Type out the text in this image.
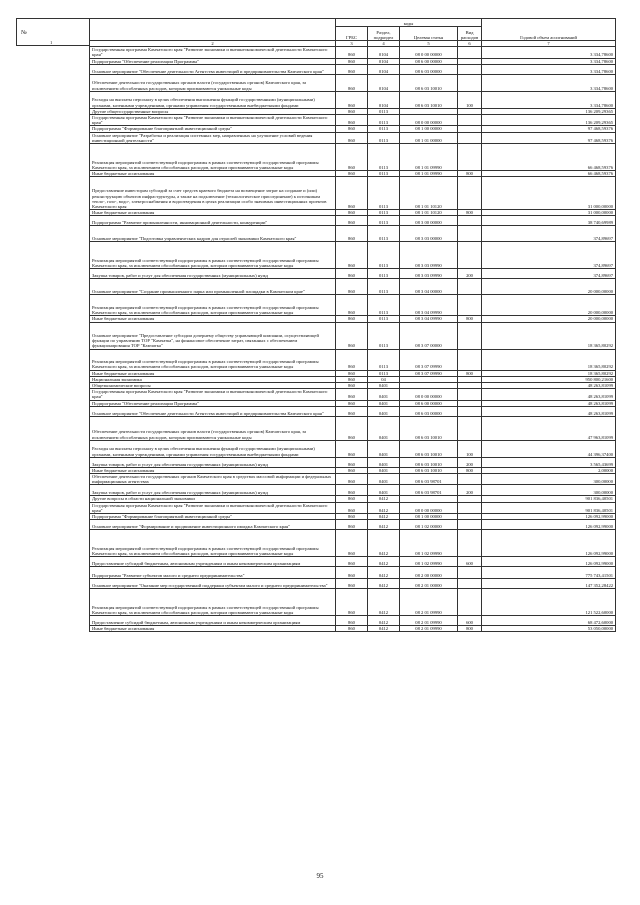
№
1
	коды				Годовой объем ассигнований
	ГРБС	Раздел, подраздел	Целевая статья	Вид расходов	
2	3	4	5	6	7
Государственная программа Камчатского края "Развитие экономики и внешнеэкономической деятельности Камчатского края"	860	0104	08 0 00 00000		3 334,78600
Подпрограмма "Обеспечение реализации Программы"	860	0104	08 6 00 00000		3 334,78600
Основное мероприятие "Обеспечение деятельности Агентства инвестиций и предпринимательства Камчатского края"	860	0104	08 6 03 00000		3 334,78600
Обеспечение деятельности государственных органов власти (государственных органов) Камчатского края, за исключением обособленных расходов, которым присваиваются уникальные коды	860	0104	08 6 03 10010		3 334,78600
Расходы на выплаты персоналу в целях обеспечения выполнения функций государственными (муниципальными) органами, казенными учреждениями, органами управления государственными внебюджетными фондами	860	0104	08 6 03 10010	100	3 334,78600
Другие общегосударственные вопросы	860	0113			136 209,29365
Государственная программа Камчатского края "Развитие экономики и внешнеэкономической деятельности Камчатского края"	860	0113	08 0 00 00000		136 209,29365
Подпрограмма "Формирование благоприятной инвестиционной среды"	860	0113	08 1 00 00000		97 468,59376
Основное мероприятие "Разработка и реализация системных мер, направленных на улучшение условий ведения инвестиционной деятельности"	860	0113	08 1 01 00000		97 468,59376
Реализация мероприятий соответствующей подпрограммы в рамках соответствующей государственной программы Камчатского края, за исключением обособленных расходов, которым присваиваются уникальные коды	860	0113	08 1 01 09990		66 468,59376
Иные бюджетные ассигнования	860	0113	08 1 01 09990	800	66 468,59376
Предоставление инвесторам субсидий за счет средств краевого бюджета на возмещение затрат на создание и (или) реконструкцию объектов инфраструктуры, а также на подключение (технологическое присоединение) к источникам тепло-, газо-, водо-, электроснабжения и водоотведения в целях реализации особо значимых инвестиционных проектов Камчатского края	860	0113	08 1 01 10120		31 000,00000
Иные бюджетные ассигнования	860	0113	08 1 01 10120	800	31 000,00000
Подпрограмма "Развитие промышленности, инновационной деятельности, конкуренции"	860	0113	08 3 00 00000		38 740,69989
Основное мероприятие "Подготовка управленческих кадров для отраслей экономики Камчатского края"	860	0113	08 3 03 00000		374,89697
Реализация мероприятий соответствующей подпрограммы в рамках соответствующей государственной программы Камчатского края, за исключением обособленных расходов, которым присваиваются уникальные коды	860	0113	08 3 03 09990		374,89697
Закупка товаров, работ и услуг для обеспечения государственных (муниципальных) нужд	860	0113	08 3 03 09990	200	374,89697
Основное мероприятие "Создание промышленного парка или промышленной площадки в Камчатском крае"	860	0113	08 3 04 00000		20 000,00000
Реализация мероприятий соответствующей подпрограммы в рамках соответствующей государственной программы Камчатского края, за исключением обособленных расходов, которым присваиваются уникальные коды	860	0113	08 3 04 09990		20 000,00000
Иные бюджетные ассигнования	860	0113	08 3 04 09990	800	20 000,00000
Основное мероприятие "Предоставление субсидии дочернему обществу управляющей компании, осуществляющей функции по управлению ТОР "Камчатка", на финансовое обеспечение затрат, связанных с обеспечением функционирования ТОР "Камчатка"	860	0113	08 3 07 00000		18 365,80292
Реализация мероприятий соответствующей подпрограммы в рамках соответствующей государственной программы Камчатского края, за исключением обособленных расходов, которым присваиваются уникальные коды	860	0113	08 3 07 09990		18 365,80292
Иные бюджетные ассигнования	860	0113	08 3 07 09990	800	18 365,80292
Национальная экономика	860	04			950 800,21600
Общеэкономические вопросы	860	0401			48 263,81099
Государственная программа Камчатского края "Развитие экономики и внешнеэкономической деятельности Камчатского края"	860	0401	08 0 00 00000		48 263,81099
Подпрограмма "Обеспечение реализации Программы"	860	0401	08 6 00 00000		48 263,81099
Основное мероприятие "Обеспечение деятельности Агентства инвестиций и предпринимательства Камчатского края"	860	0401	08 6 03 00000		48 263,81099
Обеспечение деятельности государственных органов власти (государственных органов) Камчатского края, за исключением обособленных расходов, которым присваиваются уникальные коды	860	0401	08 6 03 10010		47 963,81099
Расходы на выплаты персоналу в целях обеспечения выполнения функций государственными (муниципальными) органами, казенными учреждениями, органами управления государственными внебюджетными фондами	860	0401	08 6 03 10010	100	44 396,37400
Закупка товаров, работ и услуг для обеспечения государственных (муниципальных) нужд	860	0401	08 6 03 10010	200	3 565,43699
Иные бюджетные ассигнования	860	0401	08 6 03 10010	800	2,00000
Обеспечение деятельности государственных органов Камчатского края в средствах массовой информации и федеральных информационных агентствах	860	0401	08 6 03 98701		300,00000
Закупка товаров, работ и услуг для обеспечения государственных (муниципальных) нужд	860	0401	08 6 03 98701	200	300,00000
Другие вопросы в области национальной экономики	860	0412			901 836,40501
Государственная программа Камчатского края "Развитие экономики и внешнеэкономической деятельности Камчатского края"	860	0412	08 0 00 00000		901 836,40501
Подпрограмма "Формирование благоприятной инвестиционной среды"	860	0412	08 1 00 00000		126 092,99000
Основное мероприятие "Формирование и продвижение инвестиционного имиджа Камчатского края"	860	0412	08 1 02 00000		126 092,99000
Реализация мероприятий соответствующей подпрограммы в рамках соответствующей государственной программы Камчатского края, за исключением обособленных расходов, которым присваиваются уникальные коды	860	0412	08 1 02 09990		126 092,99000
Предоставление субсидий бюджетным, автономным учреждениям и иным некоммерческим организациям	860	0412	08 1 02 09990	600	126 092,99000
Подпрограмма "Развитие субъектов малого и среднего предпринимательства"	860	0412	08 2 00 00000		775 743,41501
Основное мероприятие "Оказание мер государственной поддержки субъектам малого и среднего предпринимательства"	860	0412	08 2 01 00000		147 352,28422
Реализация мероприятий соответствующей подпрограммы в рамках соответствующей государственной программы Камчатского края, за исключением обособленных расходов, которым присваиваются уникальные коды	860	0412	08 2 01 09990		121 522,60000
Предоставление субсидий бюджетным, автономным учреждениям и иным некоммерческим организациям	860	0412	08 2 01 09990	600	68 472,60000
Иные бюджетные ассигнования	860	0412	08 2 01 09990	800	53 050,00000
95
